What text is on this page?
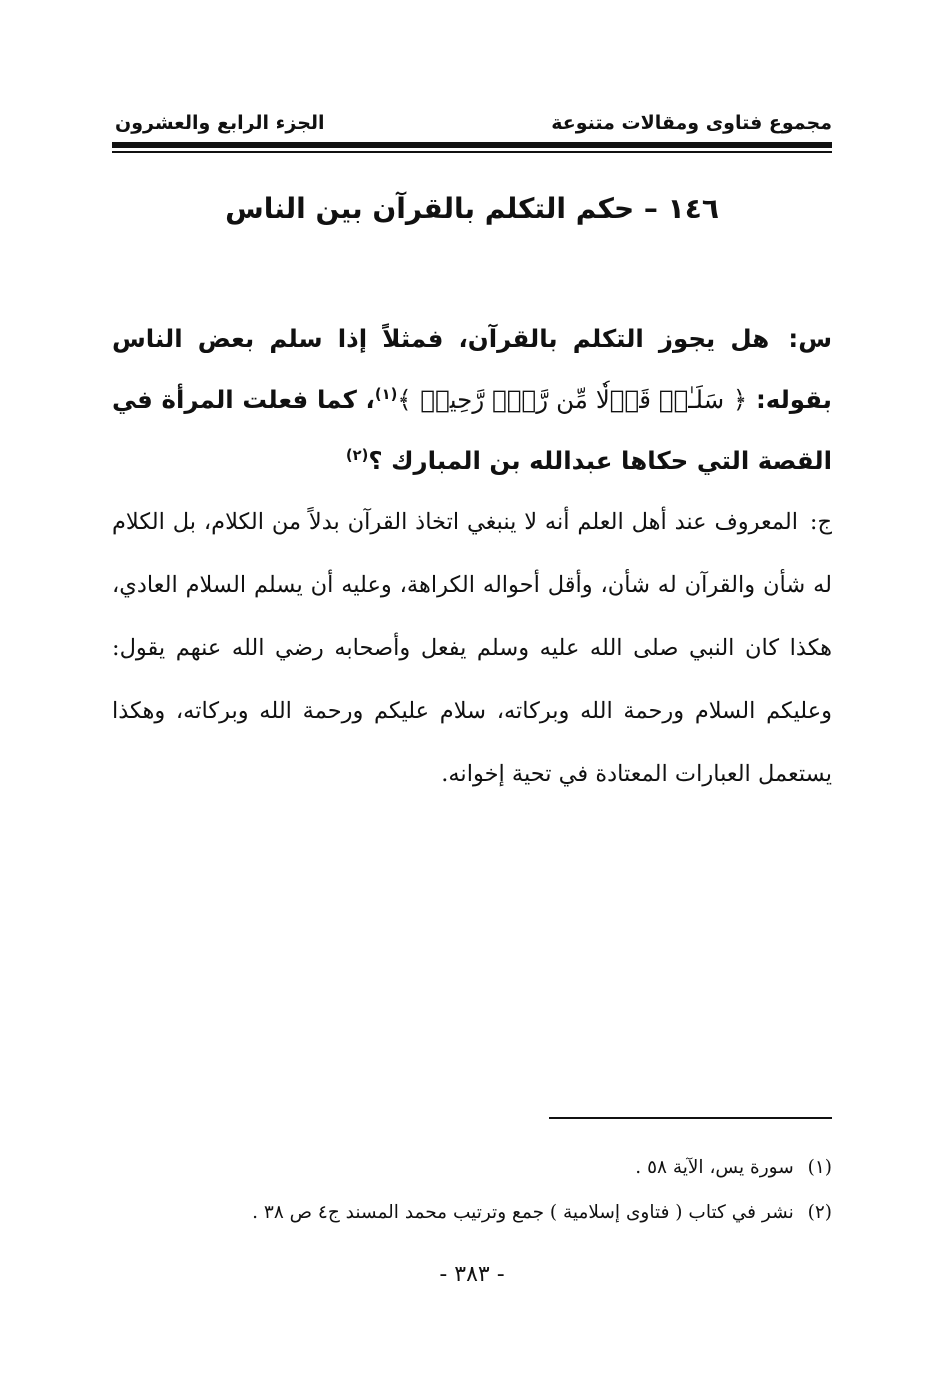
مجموع فتاوى ومقالات متنوعة
الجزء الرابع والعشرون
١٤٦ – حكم التكلم بالقرآن بين الناس
س: هل يجوز التكلم بالقرآن، فمثلاً إذا سلم بعض الناس بقوله: ﴿ سَلَـٰمٞ قَوۡلٗا مِّن رَّبّٖ رَّحِيمٖ ﴾$^{(١)}$، كما فعلت المرأة في القصة التي حكاها عبدالله بن المبارك ؟$^{(٢)}$
ج: المعروف عند أهل العلم أنه لا ينبغي اتخاذ القرآن بدلاً من الكلام، بل الكلام له شأن والقرآن له شأن، وأقل أحواله الكراهة، وعليه أن يسلم السلام العادي، هكذا كان النبي صلى الله عليه وسلم يفعل وأصحابه رضي الله عنهم يقول: وعليكم السلام ورحمة الله وبركاته، سلام عليكم ورحمة الله وبركاته، وهكذا يستعمل العبارات المعتادة في تحية إخوانه.
(١) سورة يس، الآية ٥٨ .
(٢) نشر في كتاب ( فتاوى إسلامية ) جمع وترتيب محمد المسند ج٤ ص ٣٨ .
- ٣٨٣ -
